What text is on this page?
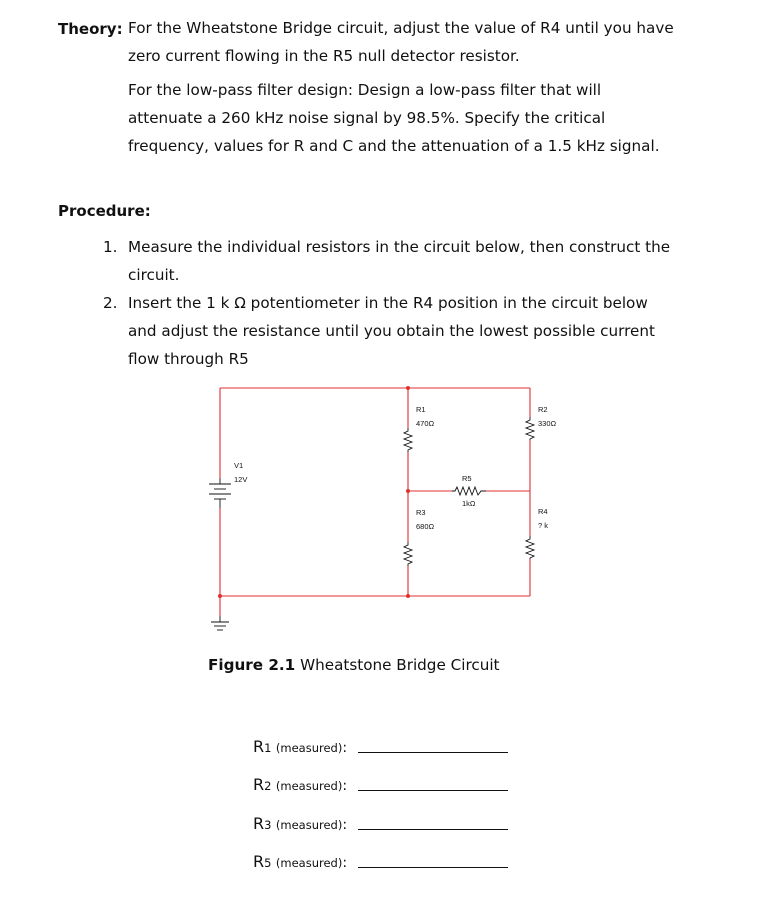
Theory: For the Wheatstone Bridge circuit, adjust the value of R4 until you have
zero current flowing in the R5 null detector resistor.
For the low-pass filter design: Design a low-pass filter that will
attenuate a 260 kHz noise signal by 98.5%. Specify the critical
frequency, values for R and C and the attenuation of a 1.5 kHz signal.
Procedure:
1. Measure the individual resistors in the circuit below, then construct the
circuit.
2. Insert the 1 k Ω potentiometer in the R4 position in the circuit below
and adjust the resistance until you obtain the lowest possible current
flow through R5
V1
12V
R1
470Ω
R2
330Ω
R5
1kΩ
R3
680Ω
R4
? k
Figure 2.1 Wheatstone Bridge Circuit
R1 (measured):
R2 (measured):
R3 (measured):
R5 (measured):
